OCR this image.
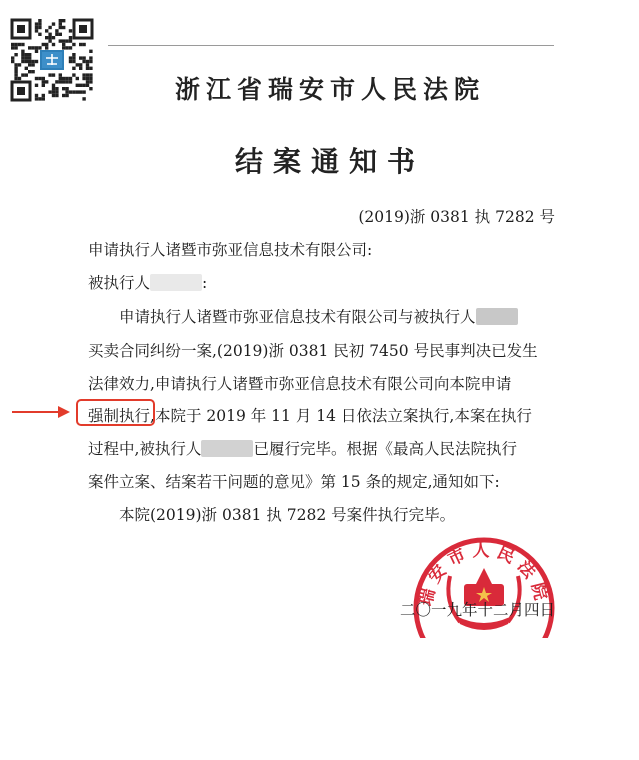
浙江省瑞安市人民法院
结案通知书
(2019)浙 0381 执 7282 号
申请执行人诸暨市弥亚信息技术有限公司:
被执行人	:
申请执行人诸暨市弥亚信息技术有限公司与被执行人
买卖合同纠纷一案,(2019)浙 0381 民初 7450 号民事判决已发生
法律效力,申请执行人诸暨市弥亚信息技术有限公司向本院申请
强制执行,本院于 2019 年 11 月 14 日依法立案执行,本案在执行
过程中,被执行人	已履行完毕。根据《最高人民法院执行
案件立案、结案若干问题的意见》第 15 条的规定,通知如下:
本院(2019)浙 0381 执 7282 号案件执行完毕。
瑞安市人民法院
二〇一九年十二月四日
